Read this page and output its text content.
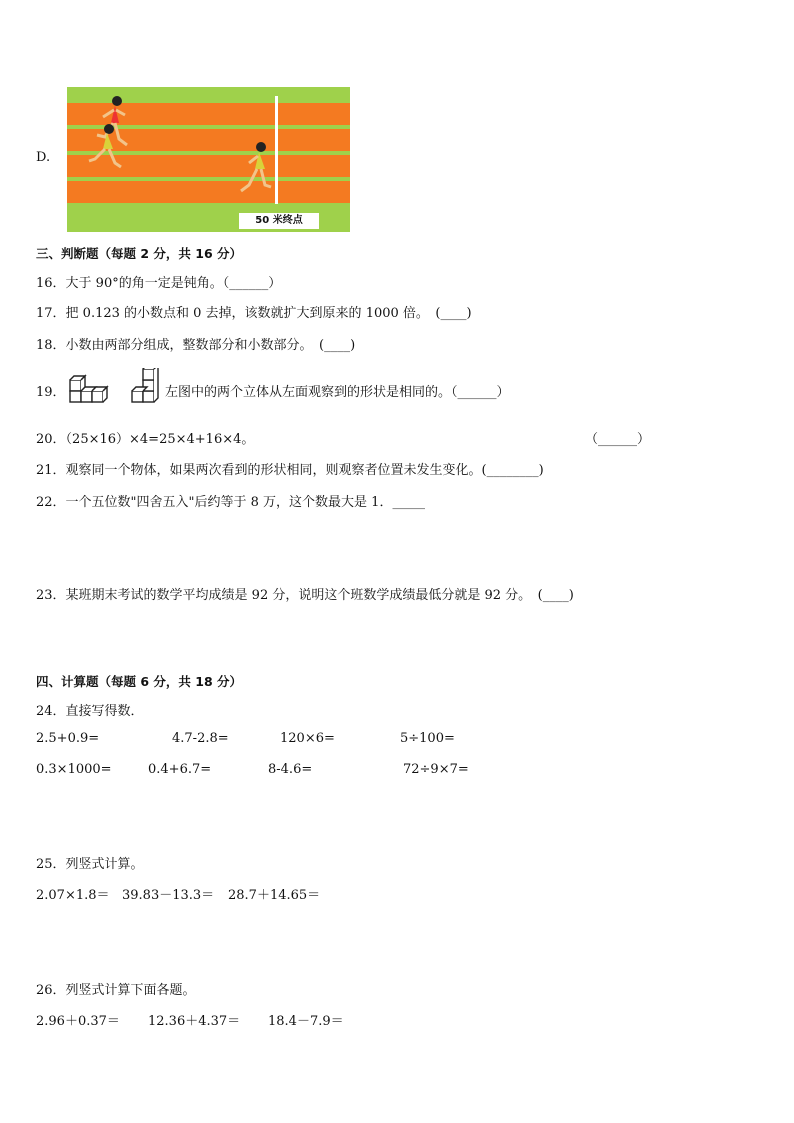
D.
50 米终点
三、判断题（每题 2 分，共 16 分）
16．大于 90°的角一定是钝角。（______）
17．把 0.123 的小数点和 0 去掉，该数就扩大到原来的 1000 倍。　(____)
18．小数由两部分组成，整数部分和小数部分。　(____)
19．	左图中的两个立体从左面观察到的形状是相同的。（______）
20．（25×16）×4=25×4+16×4。	（______）
21．观察同一个物体，如果两次看到的形状相同，则观察者位置未发生变化。(________)
22．一个五位数"四舍五入"后约等于 8 万，这个数最大是 1．_____
23．某班期末考试的数学平均成绩是 92 分，说明这个班数学成绩最低分就是 92 分。　(____)
四、计算题（每题 6 分，共 18 分）
24．直接写得数．
2.5+0.9=	4.7-2.8=	120×6=	5÷100=
0.3×1000=	0.4+6.7=	8-4.6=	72÷9×7=
25．列竖式计算。
2.07×1.8＝ 39.83－13.3＝ 28.7＋14.65＝
26．列竖式计算下面各题。
2.96＋0.37＝ 12.36＋4.37＝ 18.4－7.9＝
